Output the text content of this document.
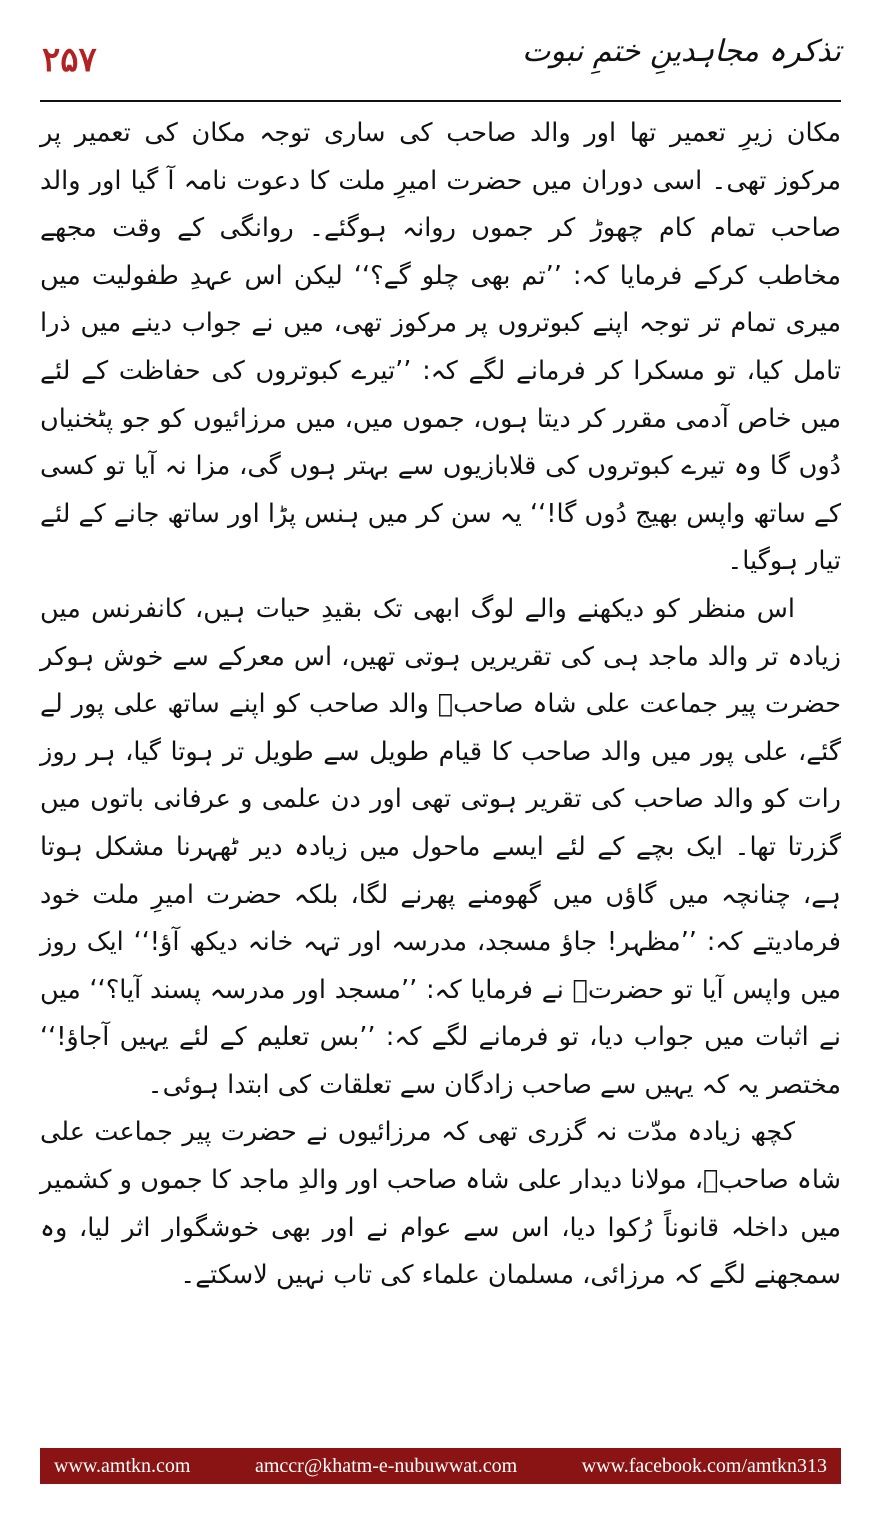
۲۵۷	تذکرہ مجاہدینِ ختمِ نبوت

مکان زیرِ تعمیر تھا اور والد صاحب کی ساری توجہ مکان کی تعمیر پر مرکوز تھی۔ اسی دوران میں حضرت امیرِ ملت کا دعوت نامہ آ گیا اور والد صاحب تمام کام چھوڑ کر جموں روانہ ہوگئے۔ روانگی کے وقت مجھے مخاطب کرکے فرمایا کہ: ’’تم بھی چلو گے؟‘‘ لیکن اس عہدِ طفولیت میں میری تمام تر توجہ اپنے کبوتروں پر مرکوز تھی، میں نے جواب دینے میں ذرا تامل کیا، تو مسکرا کر فرمانے لگے کہ: ’’تیرے کبوتروں کی حفاظت کے لئے میں خاص آدمی مقرر کر دیتا ہوں، جموں میں، میں مرزائیوں کو جو پٹخنیاں دُوں گا وہ تیرے کبوتروں کی قلابازیوں سے بہتر ہوں گی، مزا نہ آیا تو کسی کے ساتھ واپس بھیج دُوں گا!‘‘ یہ سن کر میں ہنس پڑا اور ساتھ جانے کے لئے تیار ہوگیا۔

اس منظر کو دیکھنے والے لوگ ابھی تک بقیدِ حیات ہیں، کانفرنس میں زیادہ تر والد ماجد ہی کی تقریریں ہوتی تھیں، اس معرکے سے خوش ہوکر حضرت پیر جماعت علی شاہ صاحبؒ والد صاحب کو اپنے ساتھ علی پور لے گئے، علی پور میں والد صاحب کا قیام طویل سے طویل تر ہوتا گیا، ہر روز رات کو والد صاحب کی تقریر ہوتی تھی اور دن علمی و عرفانی باتوں میں گزرتا تھا۔ ایک بچے کے لئے ایسے ماحول میں زیادہ دیر ٹھہرنا مشکل ہوتا ہے، چنانچہ میں گاؤں میں گھومنے پھرنے لگا، بلکہ حضرت امیرِ ملت خود فرمادیتے کہ: ’’مظہر! جاؤ مسجد، مدرسہ اور تہہ خانہ دیکھ آؤ!‘‘ ایک روز میں واپس آیا تو حضرتؒ نے فرمایا کہ: ’’مسجد اور مدرسہ پسند آیا؟‘‘ میں نے اثبات میں جواب دیا، تو فرمانے لگے کہ: ’’بس تعلیم کے لئے یہیں آجاؤ!‘‘ مختصر یہ کہ یہیں سے صاحب زادگان سے تعلقات کی ابتدا ہوئی۔

کچھ زیادہ مدّت نہ گزری تھی کہ مرزائیوں نے حضرت پیر جماعت علی شاہ صاحبؒ، مولانا دیدار علی شاہ صاحب اور والدِ ماجد کا جموں و کشمیر میں داخلہ قانوناً رُکوا دیا، اس سے عوام نے اور بھی خوشگوار اثر لیا، وہ سمجھنے لگے کہ مرزائی، مسلمان علماء کی تاب نہیں لاسکتے۔

www.amtkn.com	amccr@khatm-e-nubuwwat.com	www.facebook.com/amtkn313
